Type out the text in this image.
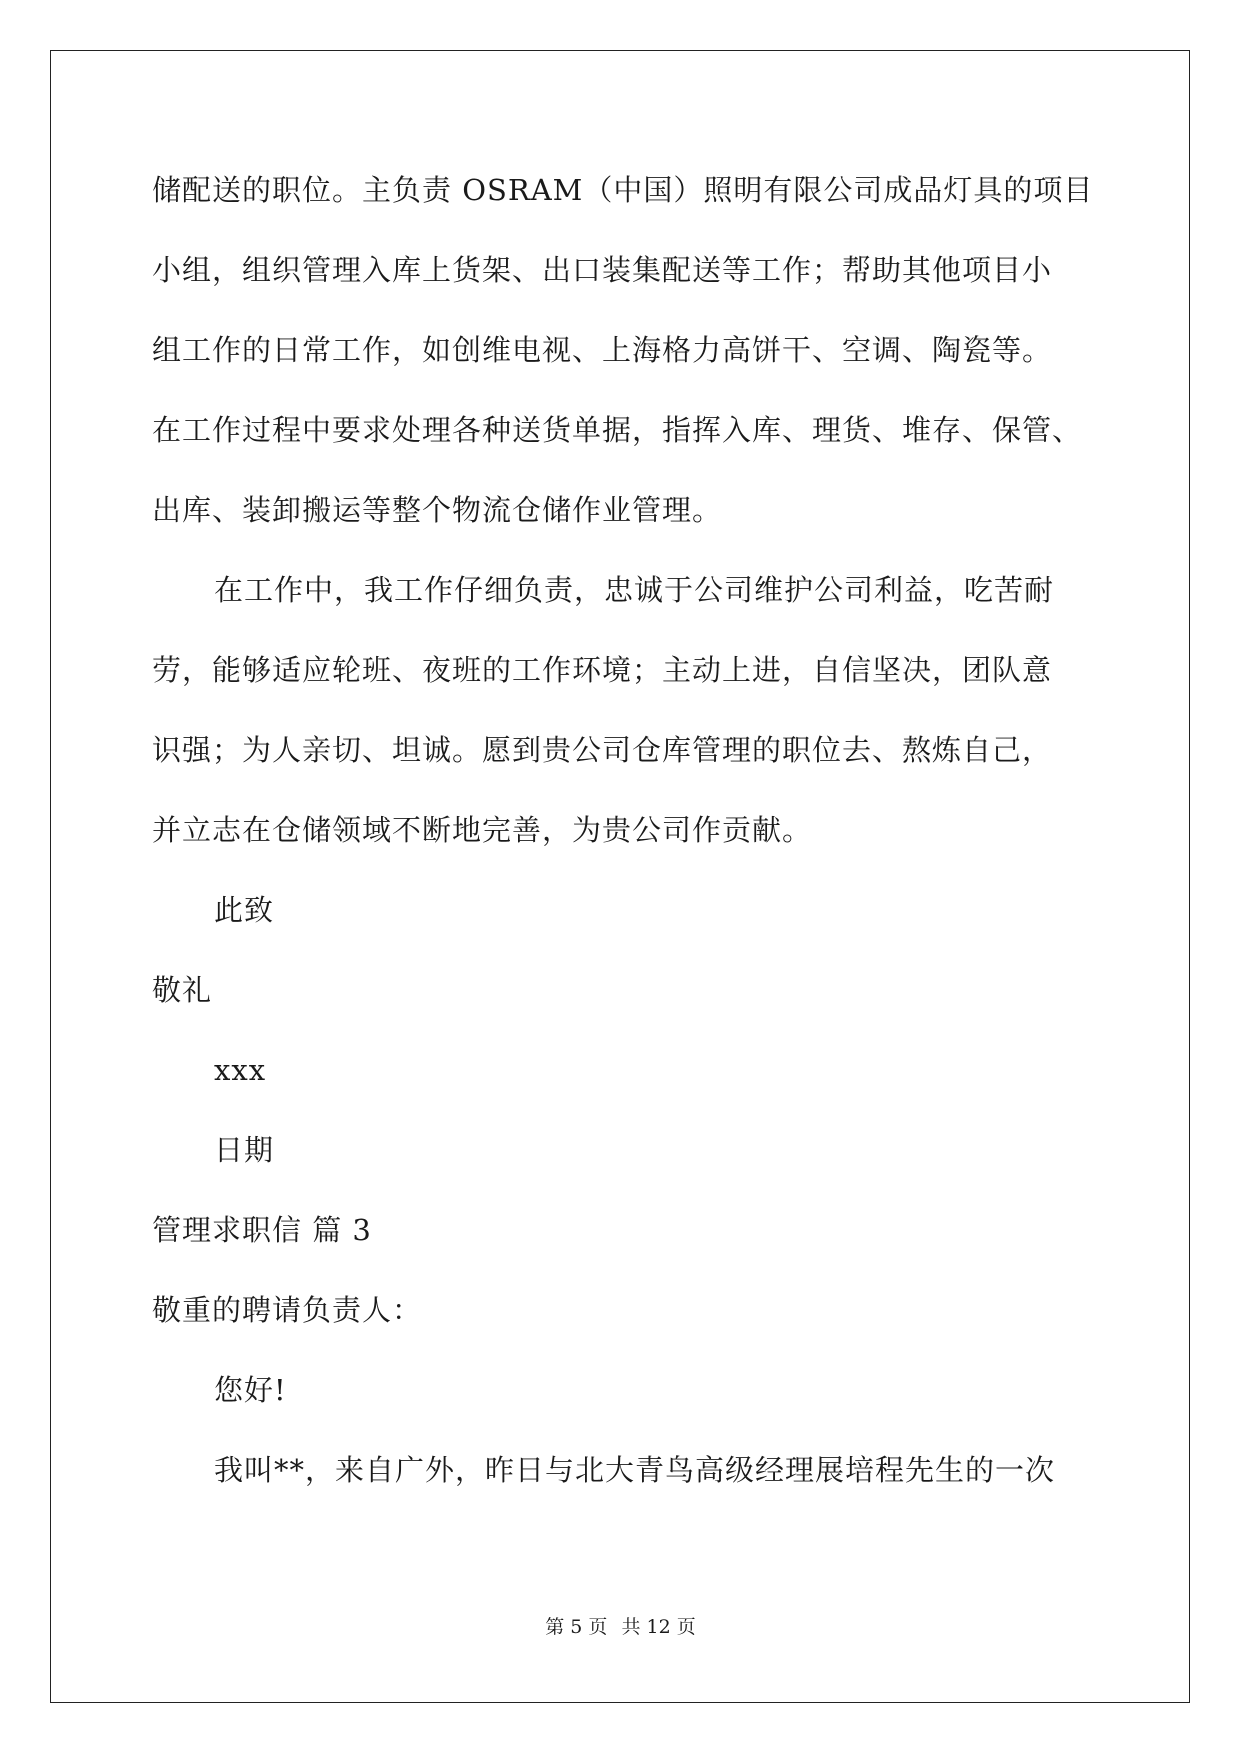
储配送的职位。主负责 OSRAM（中国）照明有限公司成品灯具的项目
小组，组织管理入库上货架、出口装集配送等工作；帮助其他项目小
组工作的日常工作，如创维电视、上海格力高饼干、空调、陶瓷等。
在工作过程中要求处理各种送货单据，指挥入库、理货、堆存、保管、
出库、装卸搬运等整个物流仓储作业管理。
在工作中，我工作仔细负责，忠诚于公司维护公司利益，吃苦耐
劳，能够适应轮班、夜班的工作环境；主动上进，自信坚决，团队意
识强；为人亲切、坦诚。愿到贵公司仓库管理的职位去、熬炼自己，
并立志在仓储领域不断地完善，为贵公司作贡献。
此致
敬礼
xxx
日期
管理求职信 篇 3
敬重的聘请负责人：
您好!
我叫**，来自广外，昨日与北大青鸟高级经理展培程先生的一次
第 5 页 共 12 页
